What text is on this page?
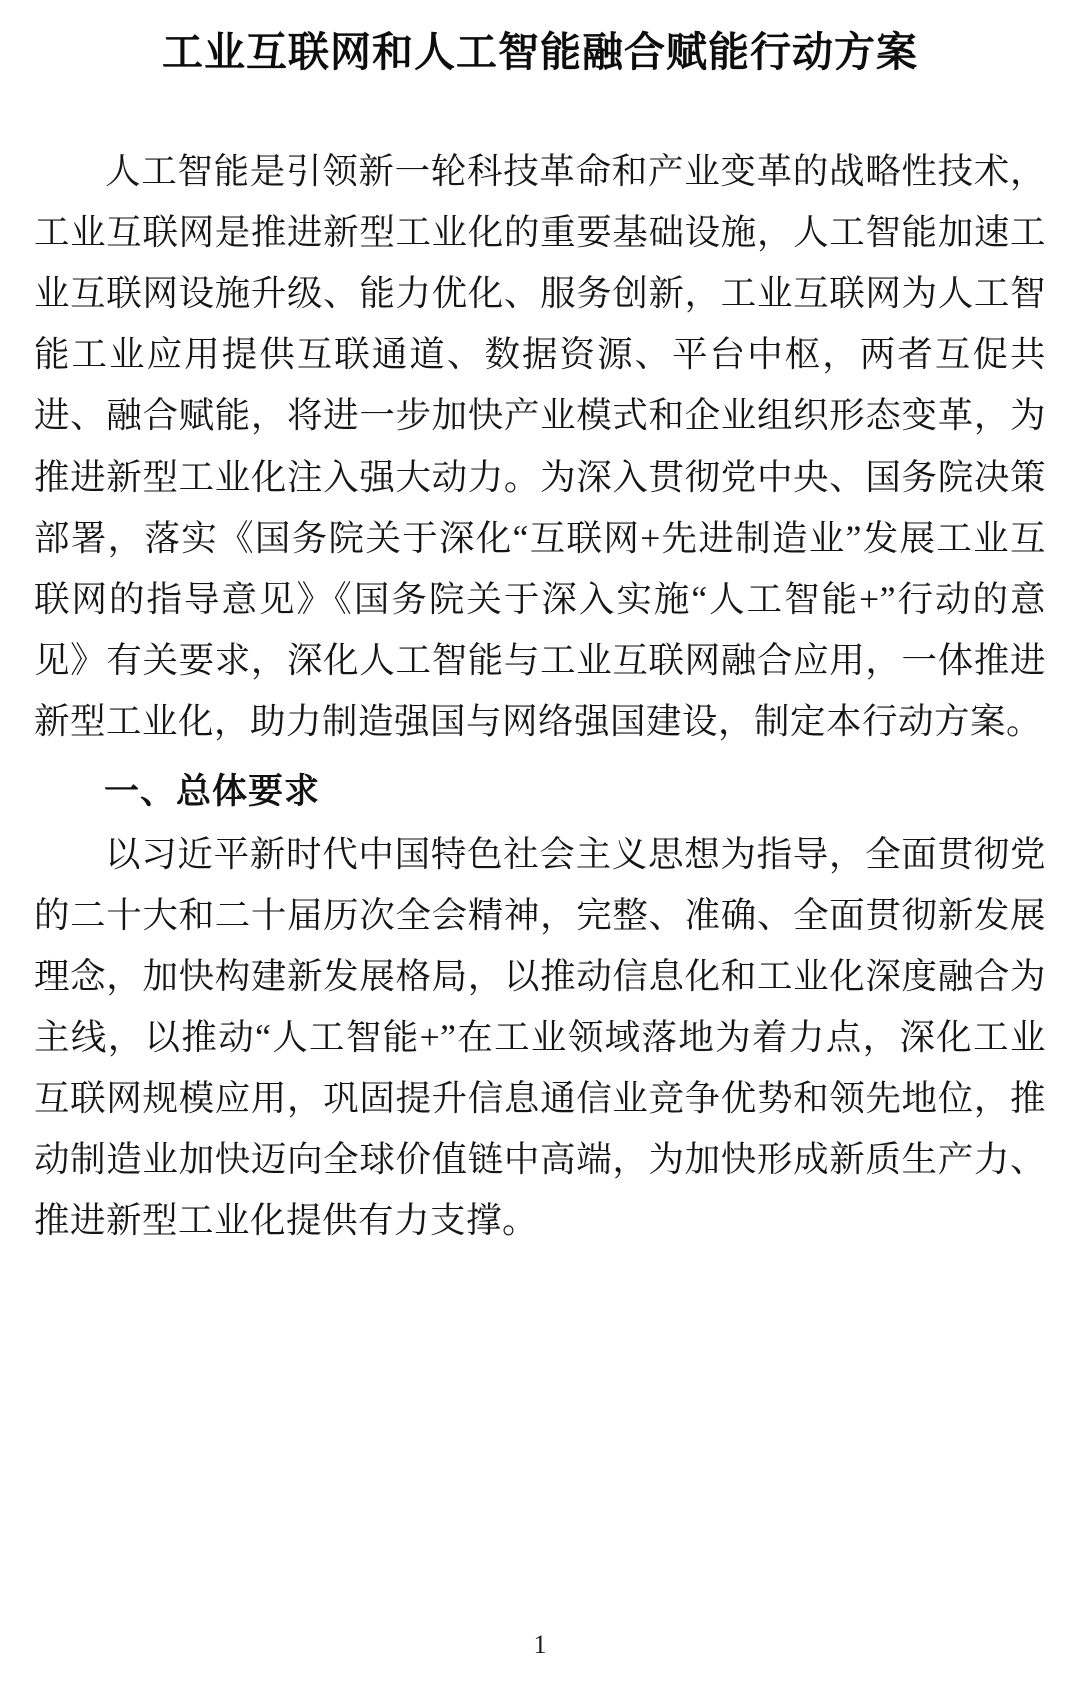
工业互联网和人工智能融合赋能行动方案

人工智能是引领新一轮科技革命和产业变革的战略性技术，工业互联网是推进新型工业化的重要基础设施，人工智能加速工业互联网设施升级、能力优化、服务创新，工业互联网为人工智能工业应用提供互联通道、数据资源、平台中枢，两者互促共进、融合赋能，将进一步加快产业模式和企业组织形态变革，为推进新型工业化注入强大动力。为深入贯彻党中央、国务院决策部署，落实《国务院关于深化“互联网+先进制造业”发展工业互联网的指导意见》《国务院关于深入实施“人工智能+”行动的意见》有关要求，深化人工智能与工业互联网融合应用，一体推进新型工业化，助力制造强国与网络强国建设，制定本行动方案。

一、总体要求

以习近平新时代中国特色社会主义思想为指导，全面贯彻党的二十大和二十届历次全会精神，完整、准确、全面贯彻新发展理念，加快构建新发展格局，以推动信息化和工业化深度融合为主线，以推动“人工智能+”在工业领域落地为着力点，深化工业互联网规模应用，巩固提升信息通信业竞争优势和领先地位，推动制造业加快迈向全球价值链中高端，为加快形成新质生产力、推进新型工业化提供有力支撑。

1
